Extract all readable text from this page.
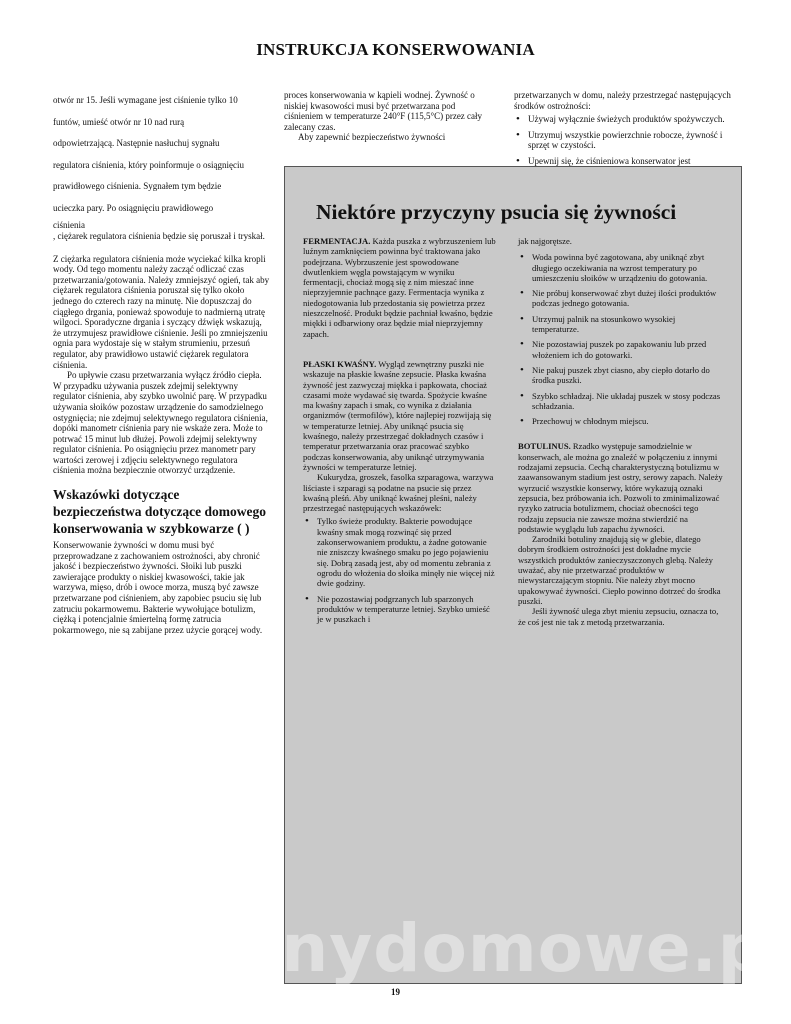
INSTRUKCJA KONSERWOWANIA

otwór nr 15. Jeśli wymagane jest ciśnienie tylko 10

funtów, umieść otwór nr 10 nad rurą

odpowietrzającą. Następnie nasłuchuj sygnału

regulatora ciśnienia, który poinformuje o osiągnięciu

prawidłowego ciśnienia. Sygnałem tym będzie

ucieczka pary. Po osiągnięciu prawidłowego

ciśnienia

, ciężarek regulatora ciśnienia będzie się poruszał i tryskał.

Z ciężarka regulatora ciśnienia może wyciekać kilka kropli wody. Od tego momentu należy zacząć odliczać czas przetwarzania/gotowania. Należy zmniejszyć ogień, tak aby ciężarek regulatora ciśnienia poruszał się tylko około jednego do czterech razy na minutę. Nie dopuszczaj do ciągłego drgania, ponieważ spowoduje to nadmierną utratę wilgoci. Sporadyczne drgania i syczący dźwięk wskazują, że utrzymujesz prawidłowe ciśnienie. Jeśli po zmniejszeniu ognia para wydostaje się w stałym strumieniu, przesuń regulator, aby prawidłowo ustawić ciężarek regulatora ciśnienia.

Po upływie czasu przetwarzania wyłącz źródło ciepła. W przypadku używania puszek zdejmij selektywny regulator ciśnienia, aby szybko uwolnić parę. W przypadku używania słoików pozostaw urządzenie do samodzielnego ostygnięcia; nie zdejmuj selektywnego regulatora ciśnienia, dopóki manometr ciśnienia pary nie wskaże zera. Może to potrwać 15 minut lub dłużej. Powoli zdejmij selektywny regulator ciśnienia. Po osiągnięciu przez manometr pary wartości zerowej i zdjęciu selektywnego regulatora ciśnienia można bezpiecznie otworzyć urządzenie.

Wskazówki dotyczące bezpieczeństwa dotyczące domowego konserwowania w szybkowarze ( )

Konserwowanie żywności w domu musi być przeprowadzane z zachowaniem ostrożności, aby chronić jakość i bezpieczeństwo żywności. Słoiki lub puszki zawierające produkty o niskiej kwasowości, takie jak warzywa, mięso, drób i owoce morza, muszą być zawsze przetwarzane pod ciśnieniem, aby zapobiec psuciu się lub zatruciu pokarmowemu. Bakterie wywołujące botulizm, ciężką i potencjalnie śmiertelną formę zatrucia pokarmowego, nie są zabijane przez użycie gorącej wody.

proces konserwowania w kąpieli wodnej. Żywność o niskiej kwasowości musi być przetwarzana pod ciśnieniem w temperaturze 240°F (115,5°C) przez cały zalecany czas.

Aby zapewnić bezpieczeństwo żywności

przetwarzanych w domu, należy przestrzegać następujących środków ostrożności:

• Używaj wyłącznie świeżych produktów spożywczych.
• Utrzymuj wszystkie powierzchnie robocze, żywność i sprzęt w czystości.
• Upewnij się, że ciśnieniowa konserwator jest
Niektóre przyczyny psucia się żywności

FERMENTACJA. Każda puszka z wybrzuszeniem lub luźnym zamknięciem powinna być traktowana jako podejrzana. Wybrzuszenie jest spowodowane dwutlenkiem węgla powstającym w wyniku fermentacji, chociaż mogą się z nim mieszać inne nieprzyjemnie pachnące gazy. Fermentacja wynika z niedogotowania lub przedostania się powietrza przez nieszczelność. Produkt będzie pachniał kwaśno, będzie miękki i odbarwiony oraz będzie miał nieprzyjemny zapach.

PŁASKI KWAŚNY. Wygląd zewnętrzny puszki nie wskazuje na płaskie kwaśne zepsucie. Płaska kwaśna żywność jest zazwyczaj miękka i papkowata, chociaż czasami może wydawać się twarda. Spożycie kwaśne ma kwaśny zapach i smak, co wynika z działania organizmów (termofilów), które najlepiej rozwijają się w temperaturze letniej. Aby uniknąć psucia się kwaśnego, należy przestrzegać dokładnych czasów i temperatur przetwarzania oraz pracować szybko podczas konserwowania, aby uniknąć utrzymywania żywności w temperaturze letniej.

Kukurydza, groszek, fasolka szparagowa, warzywa liściaste i szparagi są podatne na psucie się przez kwaśną pleśń. Aby uniknąć kwaśnej pleśni, należy przestrzegać następujących wskazówek:

• Tylko świeże produkty. Bakterie powodujące kwaśny smak mogą rozwinąć się przed zakonserwowaniem produktu, a żadne gotowanie nie zniszczy kwaśnego smaku po jego pojawieniu się. Dobrą zasadą jest, aby od momentu zebrania z ogrodu do włożenia do słoika minęły nie więcej niż dwie godziny.
• Nie pozostawiaj podgrzanych lub sparzonych produktów w temperaturze letniej. Szybko umieść je w puszkach i

jak najgorętsze.

• Woda powinna być zagotowana, aby uniknąć zbyt długiego oczekiwania na wzrost temperatury po umieszczeniu słoików w urządzeniu do gotowania.
• Nie próbuj konserwować zbyt dużej ilości produktów podczas jednego gotowania.
• Utrzymuj palnik na stosunkowo wysokiej temperaturze.
• Nie pozostawiaj puszek po zapakowaniu lub przed włożeniem ich do gotowarki.
• Nie pakuj puszek zbyt ciasno, aby ciepło dotarło do środka puszki.
• Szybko schładzaj. Nie układaj puszek w stosy podczas schładzania.
• Przechowuj w chłodnym miejscu.

BOTULINUS. Rzadko występuje samodzielnie w konserwach, ale można go znaleźć w połączeniu z innymi rodzajami zepsucia. Cechą charakterystyczną botulizmu w zaawansowanym stadium jest ostry, serowy zapach. Należy wyrzucić wszystkie konserwy, które wykazują oznaki zepsucia, bez próbowania ich. Pozwoli to zminimalizować ryzyko zatrucia botulizmem, chociaż obecności tego rodzaju zepsucia nie zawsze można stwierdzić na podstawie wyglądu lub zapachu żywności.

Zarodniki botuliny znajdują się w glebie, dlatego dobrym środkiem ostrożności jest dokładne mycie wszystkich produktów zanieczyszczonych glebą. Należy uważać, aby nie przetwarzać produktów w niewystarczającym stopniu. Nie należy zbyt mocno upakowywać żywności. Ciepło powinno dotrzeć do środka puszki.

Jeśli żywność ulega zbyt mieniu zepsuciu, oznacza to, że coś jest nie tak z metodą przetwarzania.

wedlinydomowe.pl
19
